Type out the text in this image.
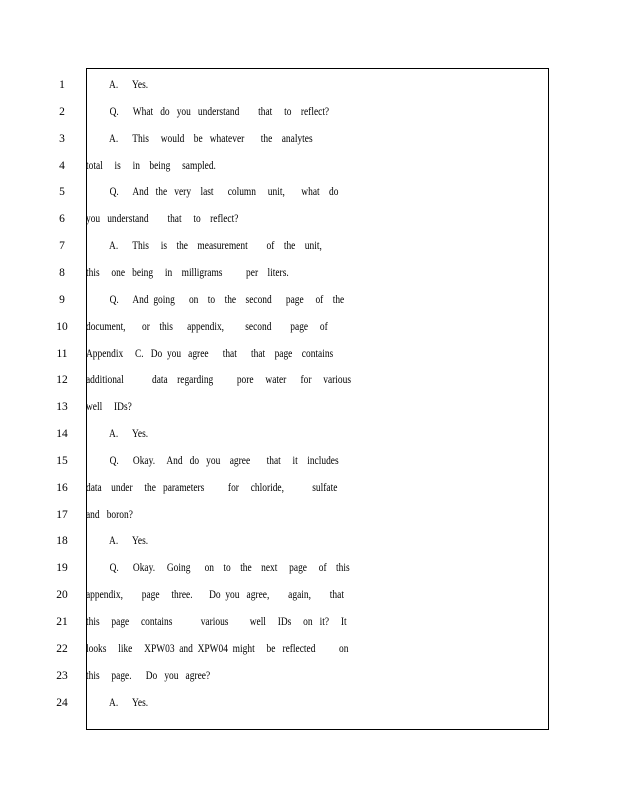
1	A.      Yes.
2	Q.      What   do   you   understand        that     to    reflect?
3	A.      This     would    be   whatever       the    analytes
4	total     is     in    being     sampled.
5	Q.      And   the   very    last      column     unit,       what    do
6	you   understand        that     to    reflect?
7	A.      This     is    the    measurement        of    the    unit,
8	this     one   being     in    milligrams          per    liters.
9	Q.      And  going      on    to    the    second      page     of    the
10 document,       or    this      appendix,         second        page     of
11 Appendix     C.   Do  you   agree      that      that    page    contains
12 additional            data    regarding          pore     water      for     various
13 well     IDs?
14 A.      Yes.
15 Q.      Okay.     And   do   you    agree       that     it    includes
16 data    under     the   parameters          for     chloride,            sulfate
17 and   boron?
18 A.      Yes.
19 Q.      Okay.     Going      on    to    the    next     page     of    this
20 appendix,        page     three.       Do  you   agree,        again,        that
21 this     page     contains            various         well     IDs     on   it?     It
22 looks     like     XPW03  and  XPW04  might     be   reflected          on
23 this     page.      Do   you   agree?
24 A.      Yes.
